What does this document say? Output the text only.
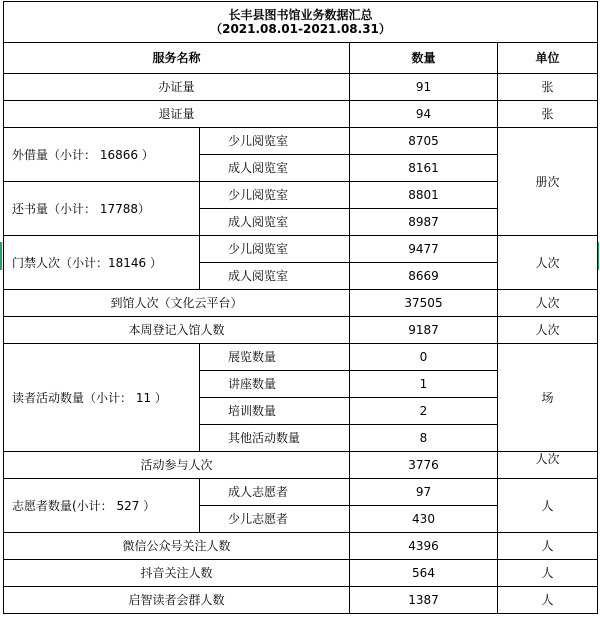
长丰县图书馆业务数据汇总
（2021.08.01-2021.08.31）			

服务名称		数量	单位
办证量		91	张
退证量		94	张
外借量（小计： 16866 ）	少儿阅览室	8705	册次
	成人阅览室	8161	
还书量（小计： 17788）	少儿阅览室	8801	
	成人阅览室	8987	
门禁人次（小计：18146 ）	少儿阅览室	9477	人次
	成人阅览室	8669	
到馆人次（文化云平台）		37505	人次
本周登记入馆人数		9187	人次
读者活动数量（小计： 11 ）	展览数量	0	场
	讲座数量	1	
	培训数量	2	
	其他活动数量	8	
活动参与人次		3776	人次
志愿者数量(小计： 527 ）	成人志愿者	97	人
	少儿志愿者	430	
微信公众号关注人数		4396	人
抖音关注人数		564	人
启智读者会群人数		1387	人
